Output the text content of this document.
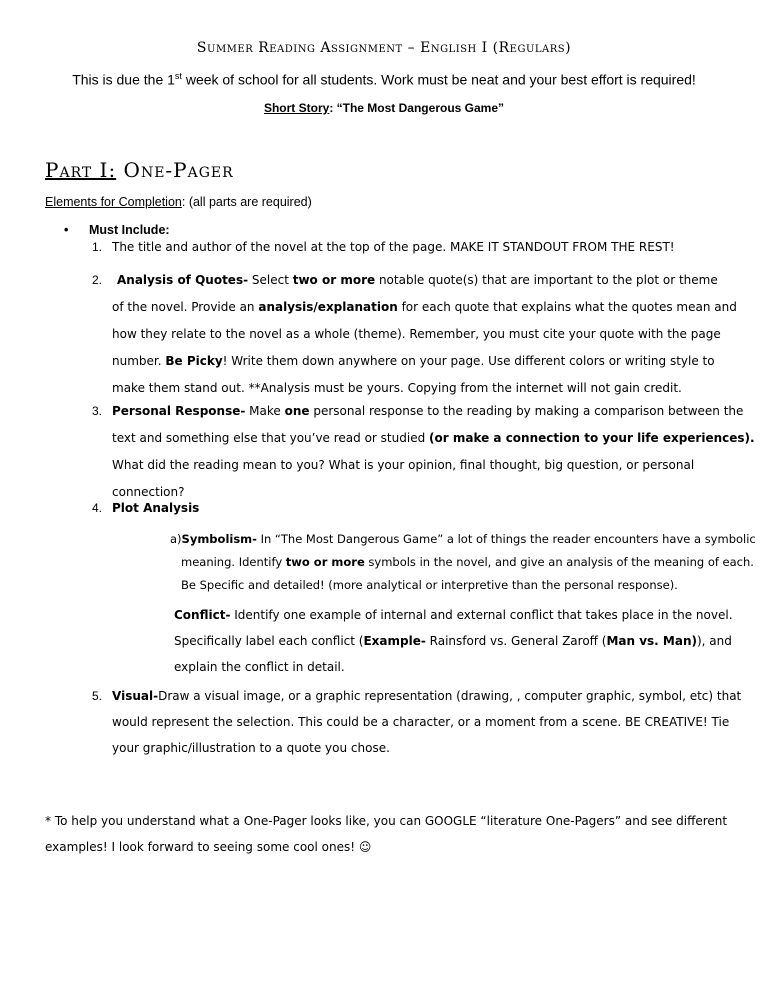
Summer Reading Assignment – English I (Regulars)
This is due the 1st week of school for all students. Work must be neat and your best effort is required!
Short Story: “The Most Dangerous Game”
Part I: One-Pager
Elements for Completion: (all parts are required)
• Must Include:
1. The title and author of the novel at the top of the page. MAKE IT STANDOUT FROM THE REST!
2.	Analysis of Quotes- Select two or more notable quote(s) that are important to the plot or theme
of the novel. Provide an analysis/explanation for each quote that explains what the quotes mean and
how they relate to the novel as a whole (theme). Remember, you must cite your quote with the page
number. Be Picky! Write them down anywhere on your page. Use different colors or writing style to
make them stand out. **Analysis must be yours. Copying from the internet will not gain credit.
3. Personal Response- Make one personal response to the reading by making a comparison between the
text and something else that you’ve read or studied (or make a connection to your life experiences).
What did the reading mean to you? What is your opinion, final thought, big question, or personal
connection?
4. Plot Analysis
a)Symbolism- In “The Most Dangerous Game” a lot of things the reader encounters have a symbolic
meaning. Identify two or more symbols in the novel, and give an analysis of the meaning of each.
Be Specific and detailed! (more analytical or interpretive than the personal response).
Conflict- Identify one example of internal and external conflict that takes place in the novel.
Specifically label each conflict (Example- Rainsford vs. General Zaroff (Man vs. Man)), and
explain the conflict in detail.
5. Visual-Draw a visual image, or a graphic representation (drawing, , computer graphic, symbol, etc) that
would represent the selection. This could be a character, or a moment from a scene. BE CREATIVE! Tie
your graphic/illustration to a quote you chose.
* To help you understand what a One-Pager looks like, you can GOOGLE “literature One-Pagers” and see different
examples! I look forward to seeing some cool ones! ☺
